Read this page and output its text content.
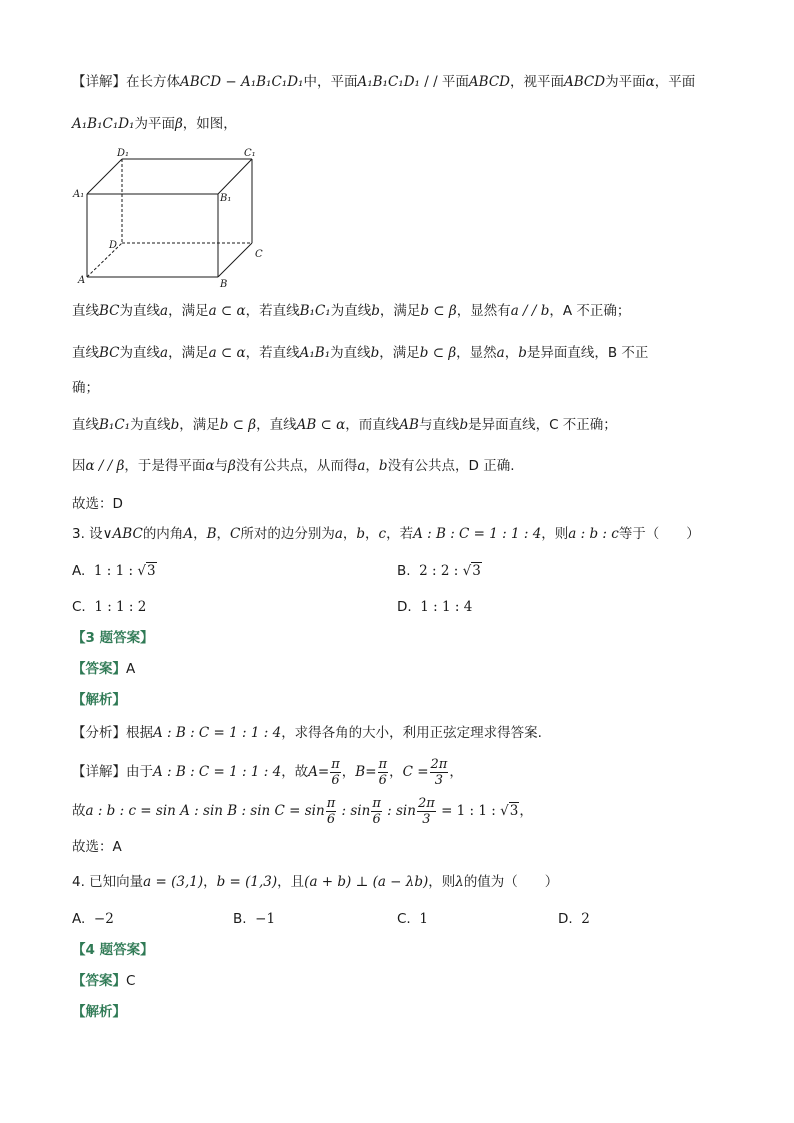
【详解】在长方体ABCD − A₁B₁C₁D₁中，平面A₁B₁C₁D₁ / / 平面ABCD，视平面ABCD为平面α，平面
A₁B₁C₁D₁为平面β，如图，
D₁	C₁
A₁	B₁
D
C
A	B
直线BC为直线a，满足a ⊂ α，若直线B₁C₁为直线b，满足b ⊂ β，显然有a / / b，A 不正确；
直线BC为直线a，满足a ⊂ α，若直线A₁B₁为直线b，满足b ⊂ β，显然a，b是异面直线，B 不正
确；
直线B₁C₁为直线b，满足b ⊂ β，直线AB ⊂ α，而直线AB与直线b是异面直线，C 不正确；
因α / / β，于是得平面α与β没有公共点，从而得a，b没有公共点，D 正确.
故选：D
3. 设∨ABC的内角A，B，C所对的边分别为a，b，c，若A : B : C = 1 : 1 : 4，则a : b : c等于（　　）
A. 1 : 1 : √3	B. 2 : 2 : √3
C. 1 : 1 : 2	D. 1 : 1 : 4
【3 题答案】
【答案】A
【解析】
【分析】根据A : B : C = 1 : 1 : 4，求得各角的大小，利用正弦定理求得答案.
【详解】由于A : B : C = 1 : 1 : 4，故$A= \frac{\pi}{6}$ ，$B= \frac{\pi}{6}$ ，$C = \frac{2\pi}{3}$ ，
故a : b : c = sin A : sin B : $\sin C = \sin \frac{\pi}{6}$ : $\sin \frac{\pi}{6}$ : $\sin \frac{2\pi}{3} = 1$ : 1 : √3，
故选：A
4. 已知向量a = (3,1)，b = (1,3)，且(a + b) ⊥ (a − λb)，则λ的值为（　　）
A. −2	B. −1	C. 1	D. 2
【4 题答案】
【答案】C
【解析】
